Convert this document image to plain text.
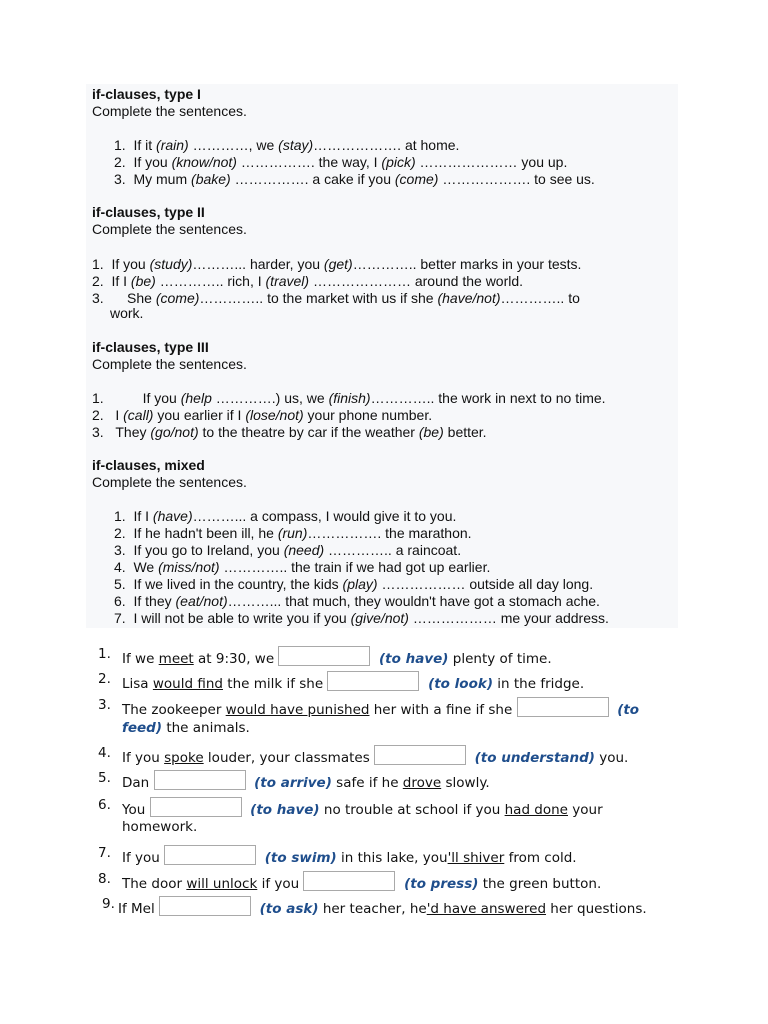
if-clauses, type I
Complete the sentences.
1. If it (rain) …………, we (stay)………………. at home.
2. If you (know/not) ……………. the way, I (pick) ………………… you up.
3. My mum (bake) ……………. a cake if you (come) ………………. to see us.
if-clauses, type II
Complete the sentences.
1. If you (study)………... harder, you (get)………….. better marks in your tests.
2. If I (be) ………….. rich, I (travel) ………………… around the world.
3. She (come)………….. to the market with us if she (have/not)………….. to
work.
if-clauses, type III
Complete the sentences.
1.	If you (help ………….) us, we (finish)………….. the work in next to no time.
2. I (call) you earlier if I (lose/not) your phone number.
3. They (go/not) to the theatre by car if the weather (be) better.
if-clauses, mixed
Complete the sentences.
1. If I (have)………... a compass, I would give it to you.
2. If he hadn't been ill, he (run)……………. the marathon.
3. If you go to Ireland, you (need) ………….. a raincoat.
4. We (miss/not) ………….. the train if we had got up earlier.
5. If we lived in the country, the kids (play) ……………… outside all day long.
6. If they (eat/not)………... that much, they wouldn't have got a stomach ache.
7. I will not be able to write you if you (give/not) ……………… me your address.
1. If we meet at 9:30, we	(to have) plenty of time.
2. Lisa would find the milk if she	(to look) in the fridge.
3. The zookeeper would have punished her with a fine if she	(to
feed) the animals.
4. If you spoke louder, your classmates	(to understand) you.
5. Dan	(to arrive) safe if he drove slowly.
6. You	(to have) no trouble at school if you had done your
homework.
7. If you	(to swim) in this lake, you'll shiver from cold.
8. The door will unlock if you	(to press) the green button.
9. If Mel	(to ask) her teacher, he'd have answered her questions.
